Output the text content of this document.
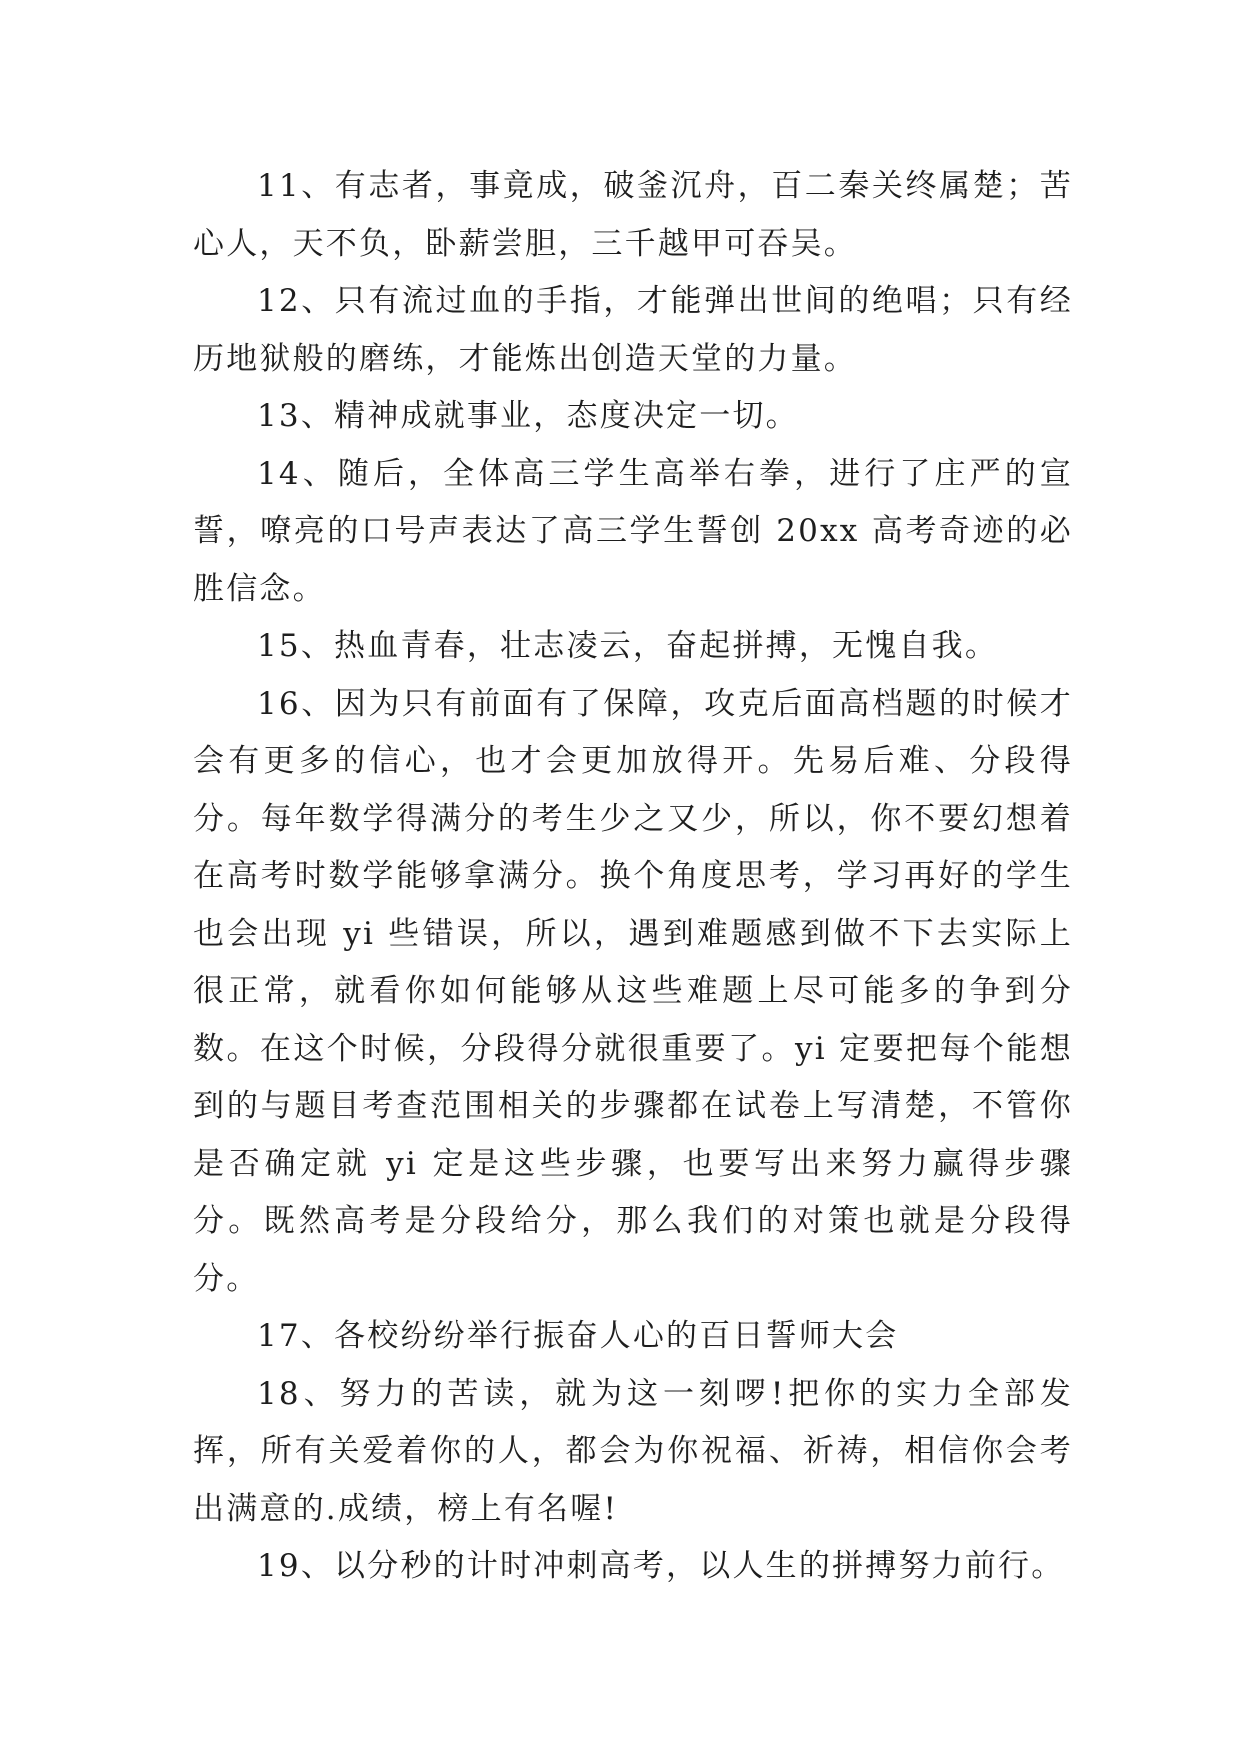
11、有志者，事竟成，破釜沉舟，百二秦关终属楚；苦心人，天不负，卧薪尝胆，三千越甲可吞吴。

12、只有流过血的手指，才能弹出世间的绝唱；只有经历地狱般的磨练，才能炼出创造天堂的力量。

13、精神成就事业，态度决定一切。

14、随后，全体高三学生高举右拳，进行了庄严的宣誓，嘹亮的口号声表达了高三学生誓创 20xx 高考奇迹的必胜信念。

15、热血青春，壮志凌云，奋起拼搏，无愧自我。

16、因为只有前面有了保障，攻克后面高档题的时候才会有更多的信心，也才会更加放得开。先易后难、分段得分。每年数学得满分的考生少之又少，所以，你不要幻想着在高考时数学能够拿满分。换个角度思考，学习再好的学生也会出现 yi 些错误，所以，遇到难题感到做不下去实际上很正常，就看你如何能够从这些难题上尽可能多的争到分数。在这个时候，分段得分就很重要了。yi 定要把每个能想到的与题目考查范围相关的步骤都在试卷上写清楚，不管你是否确定就 yi 定是这些步骤，也要写出来努力赢得步骤分。既然高考是分段给分，那么我们的对策也就是分段得分。

17、各校纷纷举行振奋人心的百日誓师大会

18、努力的苦读，就为这一刻啰!把你的实力全部发挥，所有关爱着你的人，都会为你祝福、祈祷，相信你会考出满意的.成绩，榜上有名喔!

19、以分秒的计时冲刺高考，以人生的拼搏努力前行。
